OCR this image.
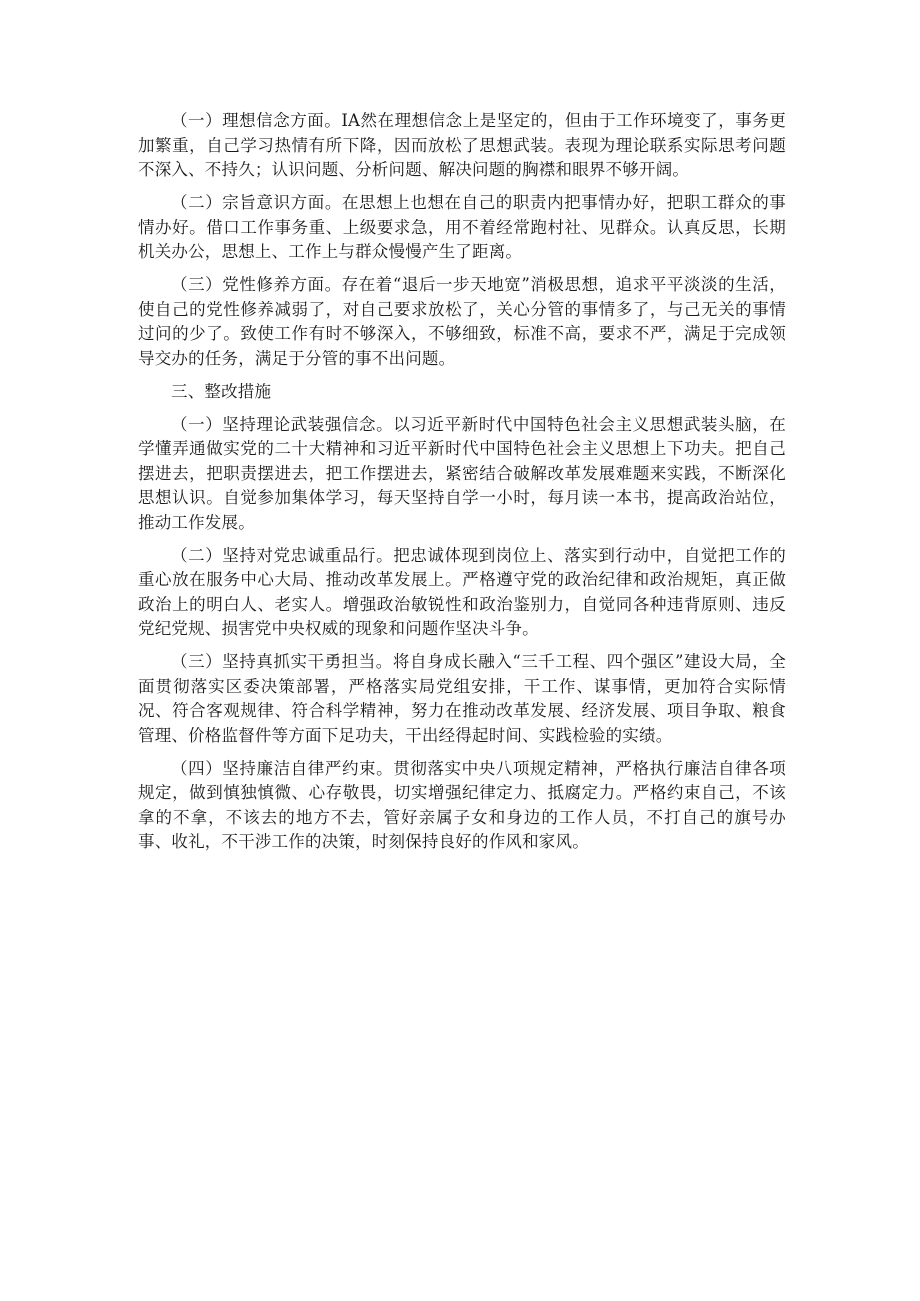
（一）理想信念方面。IA然在理想信念上是坚定的，但由于工作环境变了，事务更加繁重，自己学习热情有所下降，因而放松了思想武装。表现为理论联系实际思考问题不深入、不持久；认识问题、分析问题、解决问题的胸襟和眼界不够开阔。

（二）宗旨意识方面。在思想上也想在自己的职责内把事情办好，把职工群众的事情办好。借口工作事务重、上级要求急，用不着经常跑村社、见群众。认真反思，长期机关办公，思想上、工作上与群众慢慢产生了距离。

（三）党性修养方面。存在着“退后一步天地宽”消极思想，追求平平淡淡的生活，使自己的党性修养减弱了，对自己要求放松了，关心分管的事情多了，与己无关的事情过问的少了。致使工作有时不够深入，不够细致，标准不高，要求不严，满足于完成领导交办的任务，满足于分管的事不出问题。

三、整改措施

（一）坚持理论武装强信念。以习近平新时代中国特色社会主义思想武装头脑，在学懂弄通做实党的二十大精神和习近平新时代中国特色社会主义思想上下功夫。把自己摆进去，把职责摆进去，把工作摆进去，紧密结合破解改革发展难题来实践，不断深化思想认识。自觉参加集体学习，每天坚持自学一小时，每月读一本书，提高政治站位，推动工作发展。

（二）坚持对党忠诚重品行。把忠诚体现到岗位上、落实到行动中，自觉把工作的重心放在服务中心大局、推动改革发展上。严格遵守党的政治纪律和政治规矩，真正做政治上的明白人、老实人。增强政治敏锐性和政治鉴别力，自觉同各种违背原则、违反党纪党规、损害党中央权威的现象和问题作坚决斗争。

（三）坚持真抓实干勇担当。将自身成长融入“三千工程、四个强区”建设大局，全面贯彻落实区委决策部署，严格落实局党组安排，干工作、谋事情，更加符合实际情况、符合客观规律、符合科学精神，努力在推动改革发展、经济发展、项目争取、粮食管理、价格监督件等方面下足功夫，干出经得起时间、实践检验的实绩。

（四）坚持廉洁自律严约束。贯彻落实中央八项规定精神，严格执行廉洁自律各项规定，做到慎独慎微、心存敬畏，切实增强纪律定力、抵腐定力。严格约束自己，不该拿的不拿，不该去的地方不去，管好亲属子女和身边的工作人员，不打自己的旗号办事、收礼，不干涉工作的决策，时刻保持良好的作风和家风。
